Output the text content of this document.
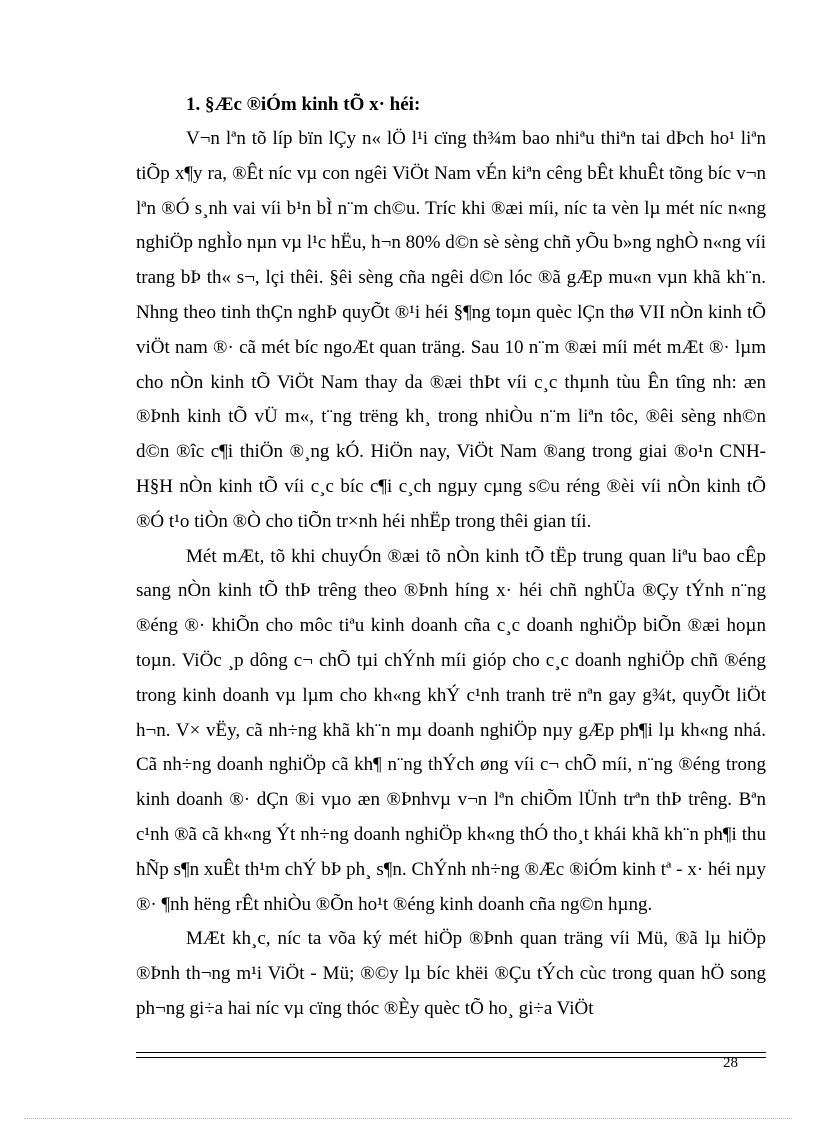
1. §Æc ®iÓm kinh tÕ x· héi:

V¬n lªn tõ líp bïn lÇy n« lÖ l¹i cïng th¾m bao nhiªu thiªn tai dÞch ho¹ liªn tiÕp x¶y ra, ®Êt níc vµ con ngêi ViÖt Nam vÉn kiªn cêng bÊt khuÊt tõng bíc v¬n lªn ®Ó s¸nh vai víi b¹n bÌ n¨m ch©u. Tríc khi ®æi míi, níc ta vèn lµ mét níc n«ng nghiÖp nghÌo nµn vµ l¹c hËu, h¬n 80% d©n sè sèng chñ yÕu b»ng nghÒ n«ng víi trang bÞ th« s¬, lçi thêi. §êi sèng cña ngêi d©n lóc ®ã gÆp mu«n vµn khã kh¨n. Nhng theo tinh thÇn nghÞ quyÕt ®¹i héi §¶ng toµn quèc lÇn thø VII nÒn kinh tÕ viÖt nam ®· cã mét bíc ngoÆt quan träng. Sau 10 n¨m ®æi míi mét mÆt ®· lµm cho nÒn kinh tÕ ViÖt Nam thay da ®æi thÞt víi c¸c thµnh tùu Ên tîng nh: æn ®Þnh kinh tÕ vÜ m«, t¨ng trëng kh¸ trong nhiÒu n¨m liªn tôc, ®êi sèng nh©n d©n ®îc c¶i thiÖn ®¸ng kÓ. HiÖn nay, ViÖt Nam ®ang trong giai ®o¹n CNH-H§H nÒn kinh tÕ víi c¸c bíc c¶i c¸ch ngµy cµng s©u réng ®èi víi nÒn kinh tÕ ®Ó t¹o tiÒn ®Ò cho tiÕn tr×nh héi nhËp trong thêi gian tíi.

Mét mÆt, tõ khi chuyÓn ®æi tõ nÒn kinh tÕ tËp trung quan liªu bao cÊp sang nÒn kinh tÕ thÞ trêng theo ®Þnh híng x· héi chñ nghÜa ®Çy tÝnh n¨ng ®éng ®· khiÕn cho môc tiªu kinh doanh cña c¸c doanh nghiÖp biÕn ®æi hoµn toµn. ViÖc ¸p dông c¬ chÕ tµi chÝnh míi gióp cho c¸c doanh nghiÖp chñ ®éng trong kinh doanh vµ lµm cho kh«ng khÝ c¹nh tranh trë nªn gay g¾t, quyÕt liÖt h¬n. V× vËy, cã nh÷ng khã kh¨n mµ doanh nghiÖp nµy gÆp ph¶i lµ kh«ng nhá. Cã nh÷ng doanh nghiÖp cã kh¶ n¨ng thÝch øng víi c¬ chÕ míi, n¨ng ®éng trong kinh doanh ®· dÇn ®i vµo æn ®Þnhvµ v¬n lªn chiÕm lÜnh trªn thÞ trêng. Bªn c¹nh ®ã cã kh«ng Ýt nh÷ng doanh nghiÖp kh«ng thÓ tho¸t khái khã kh¨n ph¶i thu hÑp s¶n xuÊt th¹m chÝ bÞ ph¸ s¶n. ChÝnh nh÷ng ®Æc ®iÓm kinh tª - x· héi nµy ®· ¶nh hëng rÊt nhiÒu ®Õn ho¹t ®éng kinh doanh cña ng©n hµng.

MÆt kh¸c, níc ta võa ký mét hiÖp ®Þnh quan träng víi Mü, ®ã lµ hiÖp ®Þnh th¬ng m¹i ViÖt - Mü; ®©y lµ bíc khëi ®Çu tÝch cùc trong quan hÖ song ph¬ng gi÷a hai níc vµ cïng thóc ®Èy quèc tÕ ho¸ gi÷a ViÖt

28
